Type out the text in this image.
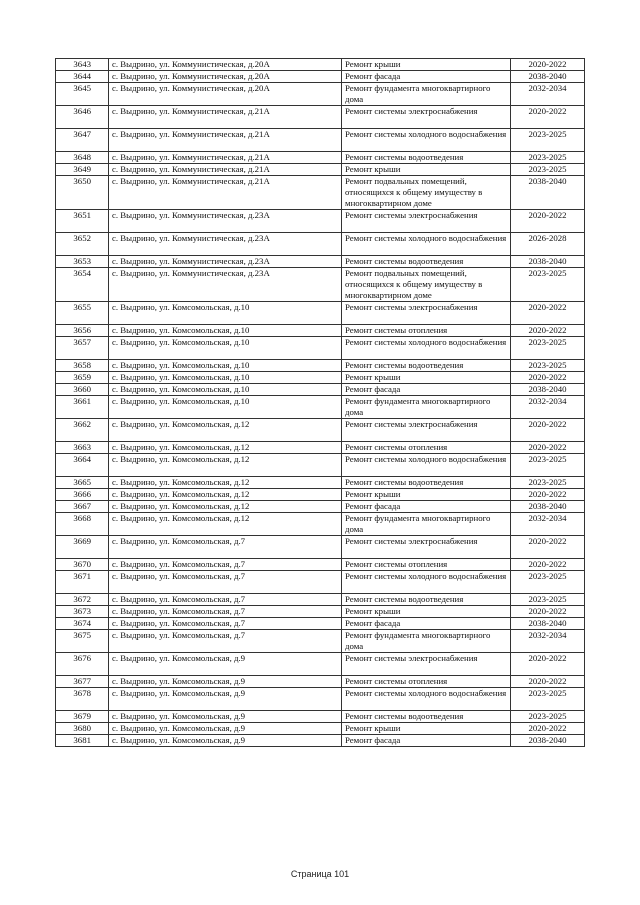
3643	с. Выдрино, ул. Коммунистическая, д.20А	Ремонт крыши	2020-2022
3644	с. Выдрино, ул. Коммунистическая, д.20А	Ремонт фасада	2038-2040
3645	с. Выдрино, ул. Коммунистическая, д.20А	Ремонт фундамента многоквартирного дома	2032-2034
3646	с. Выдрино, ул. Коммунистическая, д.21А	Ремонт системы электроснабжения	2020-2022
3647	с. Выдрино, ул. Коммунистическая, д.21А	Ремонт системы холодного водоснабжения	2023-2025
3648	с. Выдрино, ул. Коммунистическая, д.21А	Ремонт системы водоотведения	2023-2025
3649	с. Выдрино, ул. Коммунистическая, д.21А	Ремонт крыши	2023-2025
3650	с. Выдрино, ул. Коммунистическая, д.21А	Ремонт подвальных помещений, относящихся к общему имуществу в многоквартирном доме	2038-2040
3651	с. Выдрино, ул. Коммунистическая, д.23А	Ремонт системы электроснабжения	2020-2022
3652	с. Выдрино, ул. Коммунистическая, д.23А	Ремонт системы холодного водоснабжения	2026-2028
3653	с. Выдрино, ул. Коммунистическая, д.23А	Ремонт системы водоотведения	2038-2040
3654	с. Выдрино, ул. Коммунистическая, д.23А	Ремонт подвальных помещений, относящихся к общему имуществу в многоквартирном доме	2023-2025
3655	с. Выдрино, ул. Комсомольская, д.10	Ремонт системы электроснабжения	2020-2022
3656	с. Выдрино, ул. Комсомольская, д.10	Ремонт системы отопления	2020-2022
3657	с. Выдрино, ул. Комсомольская, д.10	Ремонт системы холодного водоснабжения	2023-2025
3658	с. Выдрино, ул. Комсомольская, д.10	Ремонт системы водоотведения	2023-2025
3659	с. Выдрино, ул. Комсомольская, д.10	Ремонт крыши	2020-2022
3660	с. Выдрино, ул. Комсомольская, д.10	Ремонт фасада	2038-2040
3661	с. Выдрино, ул. Комсомольская, д.10	Ремонт фундамента многоквартирного дома	2032-2034
3662	с. Выдрино, ул. Комсомольская, д.12	Ремонт системы электроснабжения	2020-2022
3663	с. Выдрино, ул. Комсомольская, д.12	Ремонт системы отопления	2020-2022
3664	с. Выдрино, ул. Комсомольская, д.12	Ремонт системы холодного водоснабжения	2023-2025
3665	с. Выдрино, ул. Комсомольская, д.12	Ремонт системы водоотведения	2023-2025
3666	с. Выдрино, ул. Комсомольская, д.12	Ремонт крыши	2020-2022
3667	с. Выдрино, ул. Комсомольская, д.12	Ремонт фасада	2038-2040
3668	с. Выдрино, ул. Комсомольская, д.12	Ремонт фундамента многоквартирного дома	2032-2034
3669	с. Выдрино, ул. Комсомольская, д.7	Ремонт системы электроснабжения	2020-2022
3670	с. Выдрино, ул. Комсомольская, д.7	Ремонт системы отопления	2020-2022
3671	с. Выдрино, ул. Комсомольская, д.7	Ремонт системы холодного водоснабжения	2023-2025
3672	с. Выдрино, ул. Комсомольская, д.7	Ремонт системы водоотведения	2023-2025
3673	с. Выдрино, ул. Комсомольская, д.7	Ремонт крыши	2020-2022
3674	с. Выдрино, ул. Комсомольская, д.7	Ремонт фасада	2038-2040
3675	с. Выдрино, ул. Комсомольская, д.7	Ремонт фундамента многоквартирного дома	2032-2034
3676	с. Выдрино, ул. Комсомольская, д.9	Ремонт системы электроснабжения	2020-2022
3677	с. Выдрино, ул. Комсомольская, д.9	Ремонт системы отопления	2020-2022
3678	с. Выдрино, ул. Комсомольская, д.9	Ремонт системы холодного водоснабжения	2023-2025
3679	с. Выдрино, ул. Комсомольская, д.9	Ремонт системы водоотведения	2023-2025
3680	с. Выдрино, ул. Комсомольская, д.9	Ремонт крыши	2020-2022
3681	с. Выдрино, ул. Комсомольская, д.9	Ремонт фасада	2038-2040
Страница 101
